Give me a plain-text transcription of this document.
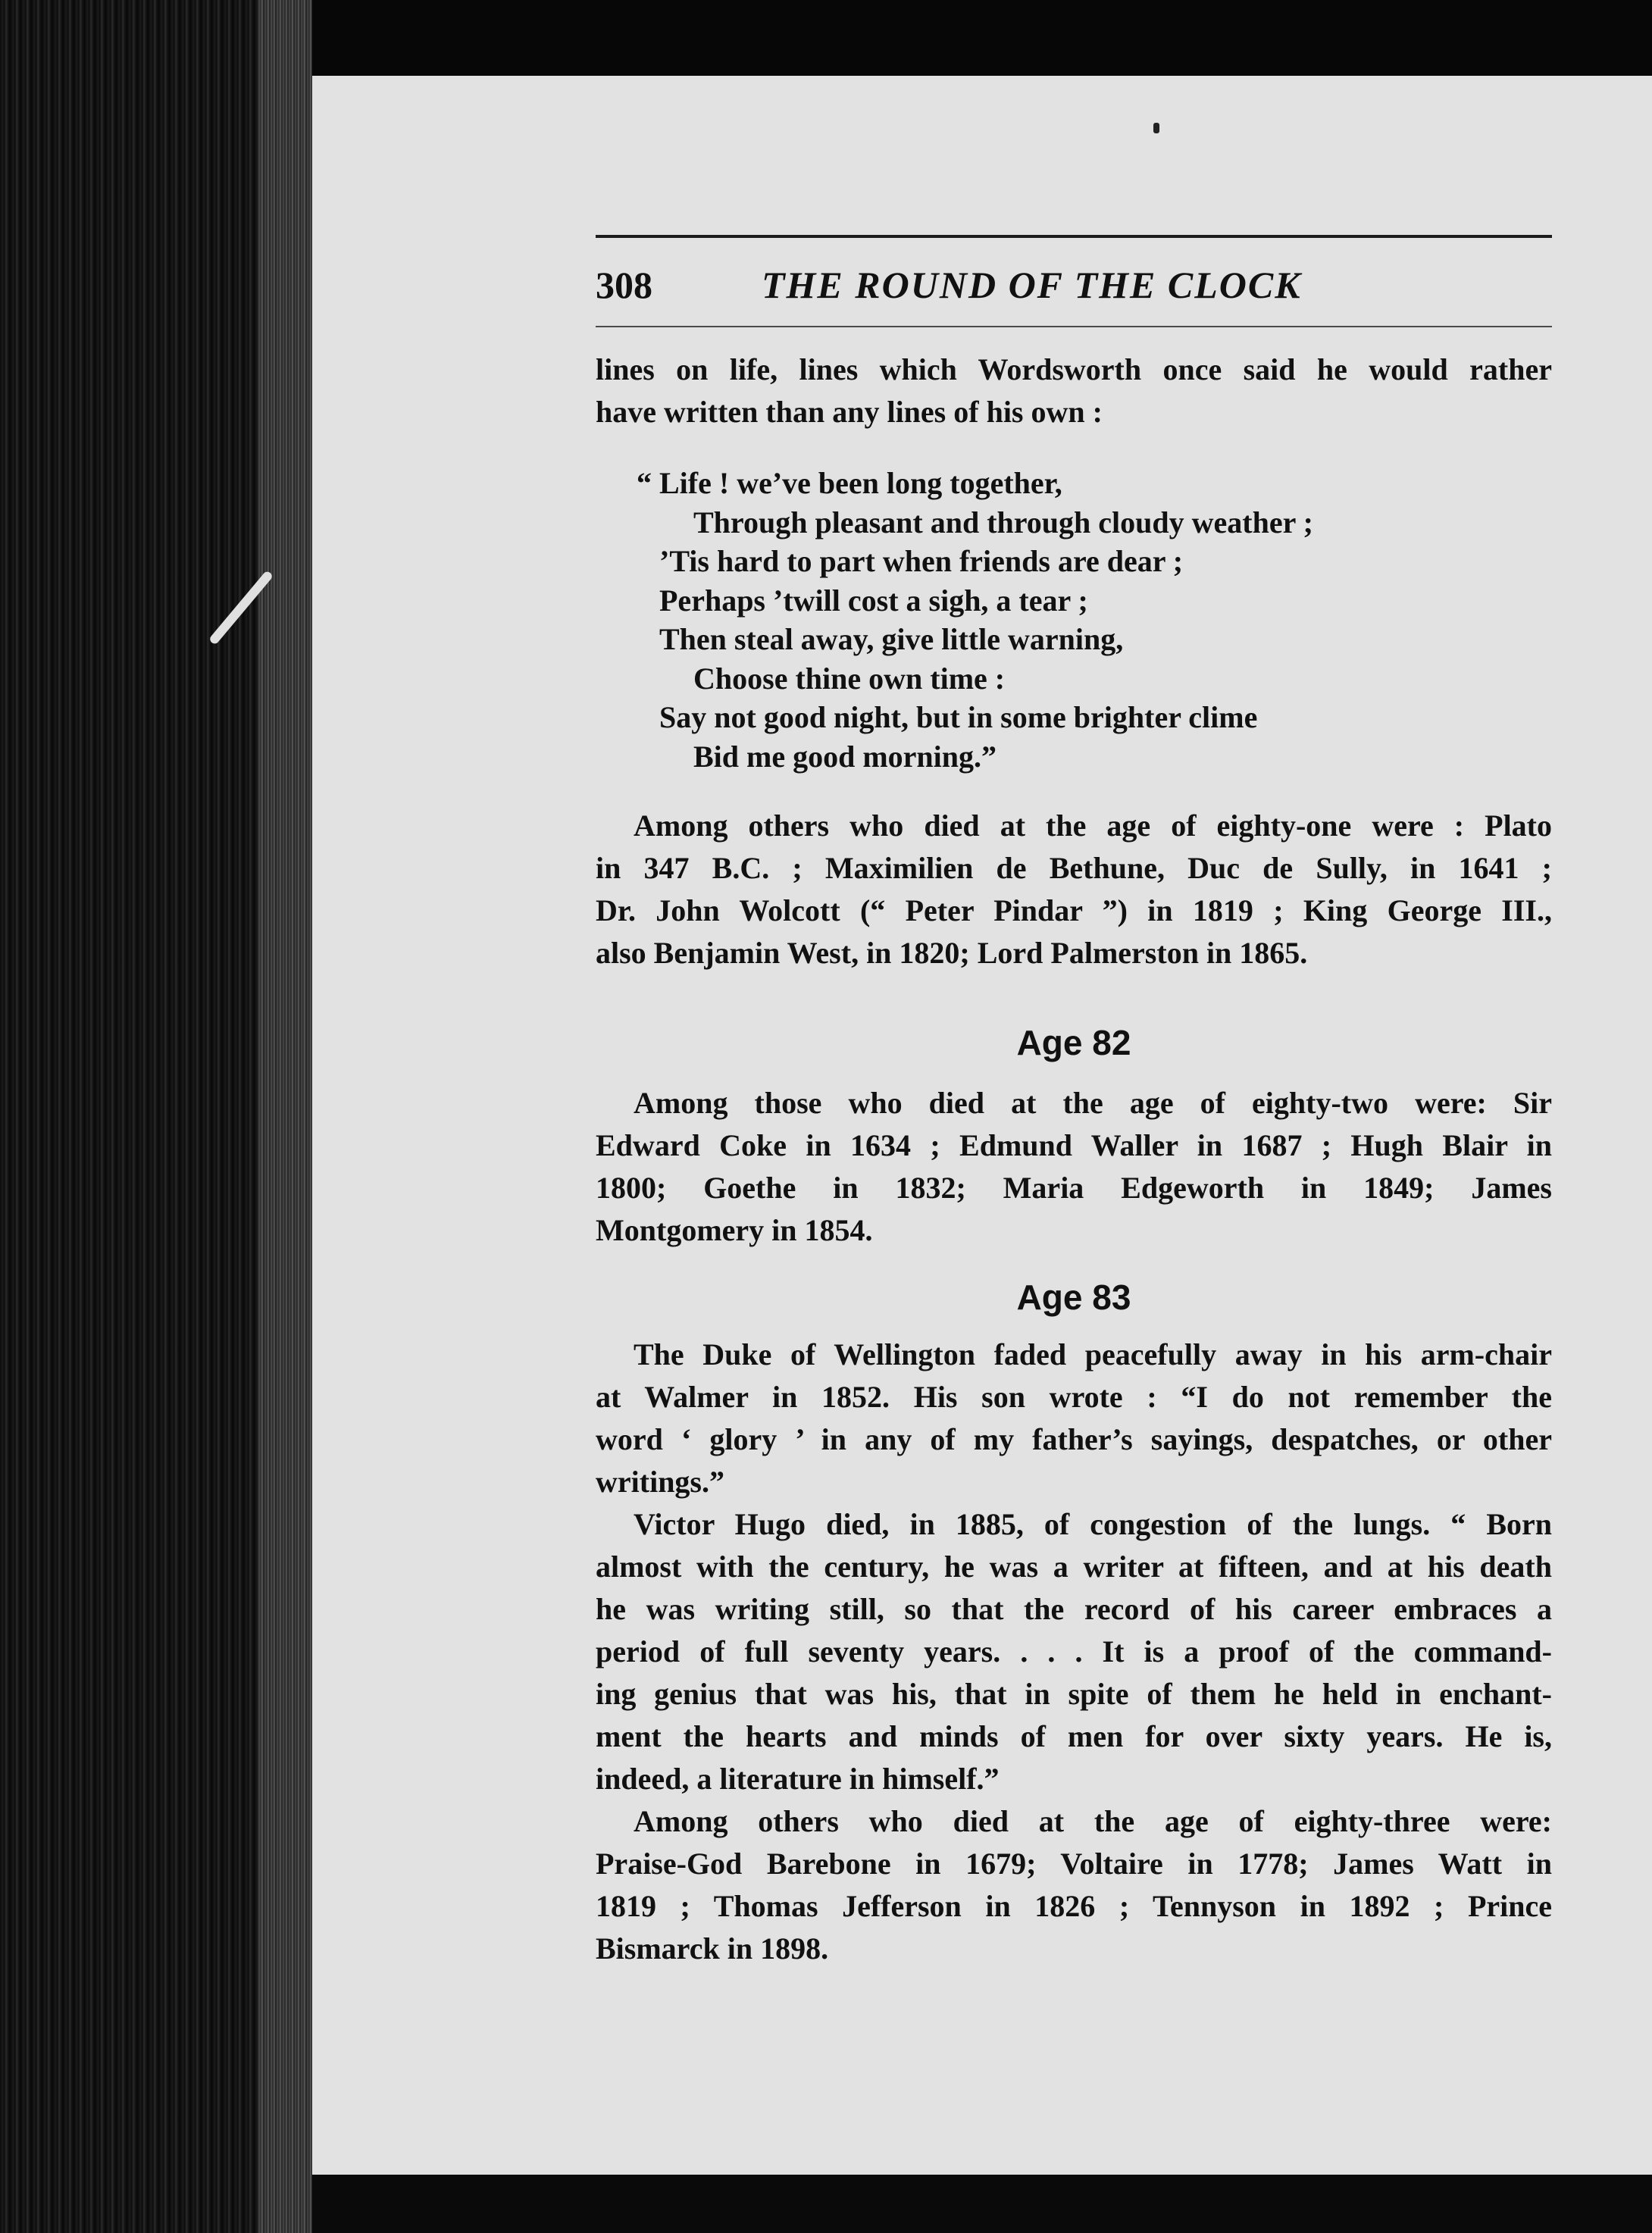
308	THE ROUND OF THE CLOCK
lines on life, lines which Wordsworth once said he would rather
have written than any lines of his own :
“ Life ! we’ve been long together,
Through pleasant and through cloudy weather ;
’Tis hard to part when friends are dear ;
Perhaps ’twill cost a sigh, a tear ;
Then steal away, give little warning,
Choose thine own time :
Say not good night, but in some brighter clime
Bid me good morning.”
Among others who died at the age of eighty-one were : Plato
in 347 B.C. ; Maximilien de Bethune, Duc de Sully, in 1641 ;
Dr. John Wolcott (“ Peter Pindar ”) in 1819 ; King George III.,
also Benjamin West, in 1820; Lord Palmerston in 1865.
Age 82
Among those who died at the age of eighty-two were: Sir
Edward Coke in 1634 ; Edmund Waller in 1687 ; Hugh Blair in
1800; Goethe in 1832; Maria Edgeworth in 1849; James
Montgomery in 1854.
Age 83
The Duke of Wellington faded peacefully away in his arm-chair
at Walmer in 1852. His son wrote : “I do not remember the
word ‘ glory ’ in any of my father’s sayings, despatches, or other
writings.”
Victor Hugo died, in 1885, of congestion of the lungs. “ Born
almost with the century, he was a writer at fifteen, and at his death
he was writing still, so that the record of his career embraces a
period of full seventy years. . . . It is a proof of the command-
ing genius that was his, that in spite of them he held in enchant-
ment the hearts and minds of men for over sixty years. He is,
indeed, a literature in himself.”
Among others who died at the age of eighty-three were:
Praise-God Barebone in 1679; Voltaire in 1778; James Watt in
1819 ; Thomas Jefferson in 1826 ; Tennyson in 1892 ; Prince
Bismarck in 1898.
